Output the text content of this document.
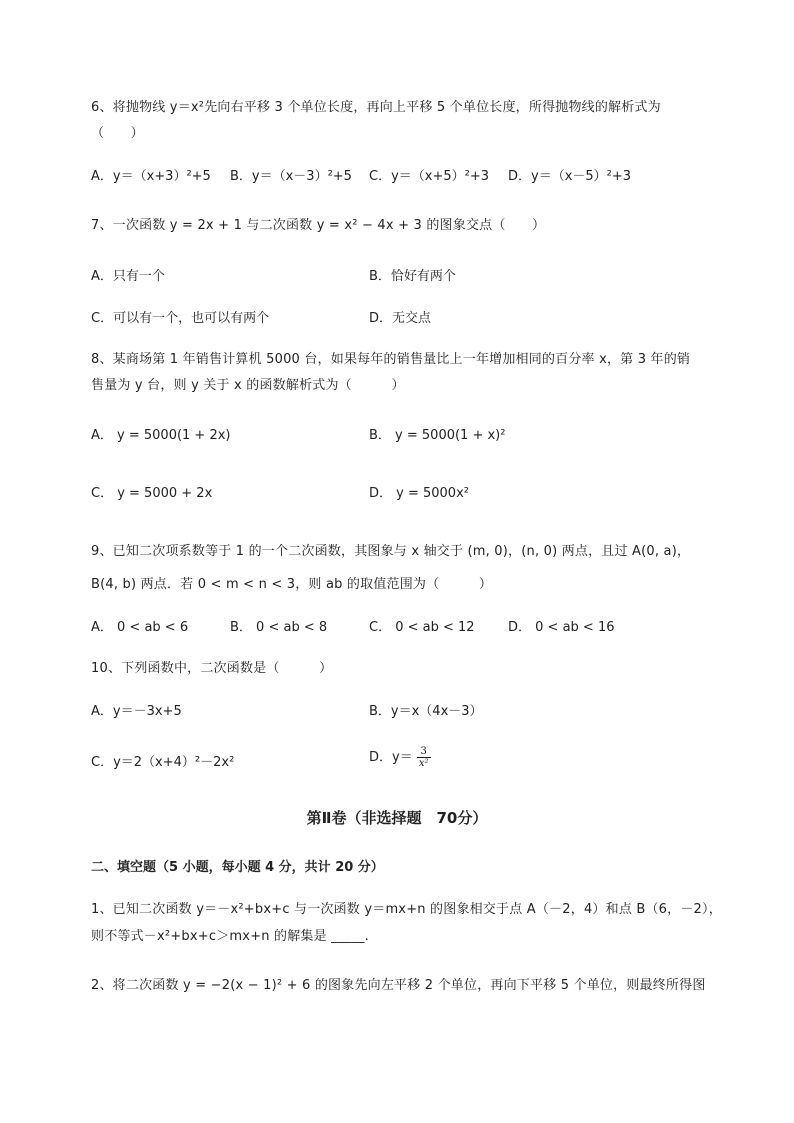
6、将抛物线 y＝x²先向右平移 3 个单位长度，再向上平移 5 个单位长度，所得抛物线的解析式为
（　　）
A．y＝（x+3）²+5 B．y＝（x－3）²+5 C．y＝（x+5）²+3 D．y＝（x－5）²+3
7、一次函数 y = 2x + 1 与二次函数 y = x² − 4x + 3 的图象交点（　　）
A．只有一个	B．恰好有两个
C．可以有一个，也可以有两个	D．无交点
8、某商场第 1 年销售计算机 5000 台，如果每年的销售量比上一年增加相同的百分率 x，第 3 年的销
售量为 y 台，则 y 关于 x 的函数解析式为（　　　）
A． y = 5000(1 + 2x)	B． y = 5000(1 + x)²
C． y = 5000 + 2x	D． y = 5000x²
9、已知二次项系数等于 1 的一个二次函数，其图象与 x 轴交于 (m, 0)，(n, 0) 两点，且过 A(0, a)，
B(4, b) 两点．若 0 < m < n < 3，则 ab 的取值范围为（　　　）
A． 0 < ab < 6	B． 0 < ab < 8	C． 0 < ab < 12	D． 0 < ab < 16
10、下列函数中，二次函数是（　　　）
A．y＝－3x+5	B．y＝x（4x－3）
C．y＝2（x+4）²－2x²	D．$y= \frac{3}{\text{x²}}$
第Ⅱ卷（非选择题　70分）
二、填空题（5 小题，每小题 4 分，共计 20 分）
1、已知二次函数 y＝－x²+bx+c 与一次函数 y＝mx+n 的图象相交于点 A（－2，4）和点 B（6，－2），
则不等式－x²+bx+c＞mx+n 的解集是 _____.
2、将二次函数 y = −2(x − 1)² + 6 的图象先向左平移 2 个单位，再向下平移 5 个单位，则最终所得图
